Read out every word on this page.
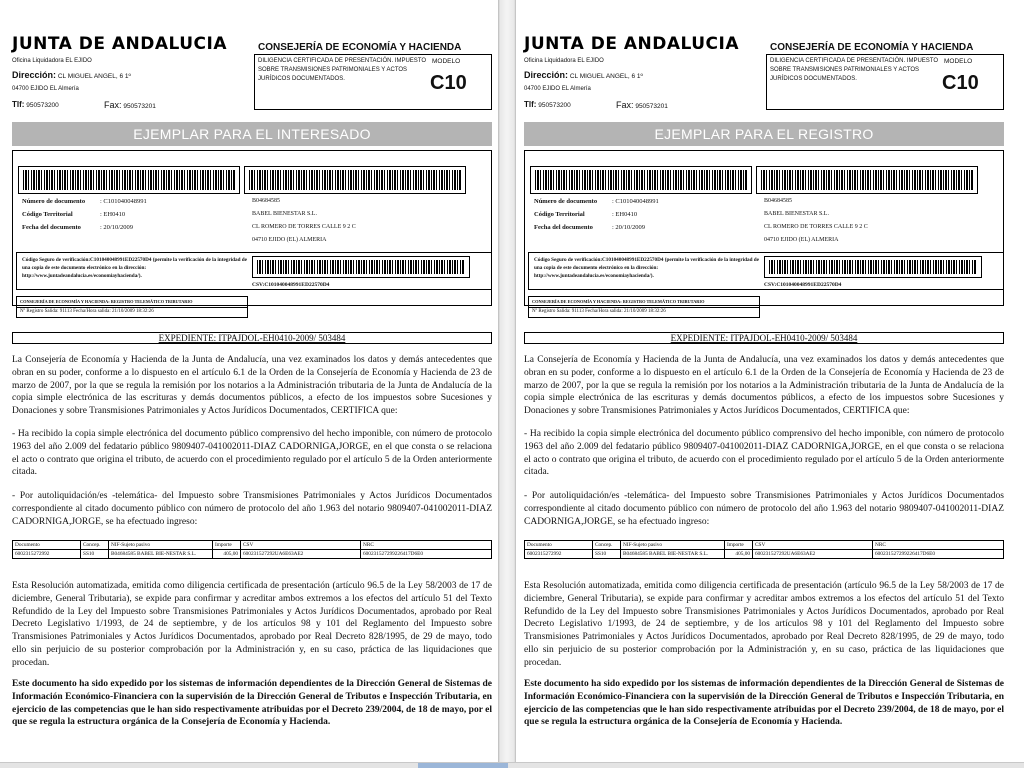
JUNTA DE ANDALUCIA
Oficina Liquidadora EL EJIDO
Dirección: CL MIGUEL ANGEL, 6 1º
04700 EJIDO EL Almería
Tlf: 950573200	Fax: 950573201
CONSEJERÍA DE ECONOMÍA Y HACIENDA
DILIGENCIA CERTIFICADA DE PRESENTACIÓN. IMPUESTO SOBRE TRANSMISIONES PATRIMONIALES Y ACTOS JURÍDICOS DOCUMENTADOS.
MODELO
C10
EJEMPLAR PARA EL INTERESADO
Número de documento : C101040048991
Código Territorial	: EH0410
Fecha del documento	: 20/10/2009
B04684585
BABEL BIENESTAR S.L.
CL ROMERO DE TORRES CALLE 9 2 C
04710 EJIDO (EL) ALMERIA
Código Seguro de verificación:C101040048991ED22570D4 (permite la verificación de la integridad de una copia de este documento electrónico en la dirección: http://www.juntadeandalucia.es/economiayhacienda/).
CSV:C101040048991ED22570D4
CONSEJERÍA DE ECONOMÍA Y HACIENDA: REGISTRO TELEMÁTICO TRIBUTARIO
Nº Registro Salida: 91113 Fecha/Hora salida: 21/10/2009 18:32:26
EXPEDIENTE: ITPAJDOL-EH0410-2009/ 503484
La Consejería de Economía y Hacienda de la Junta de Andalucía, una vez examinados los datos y demás antecedentes que obran en su poder, conforme a lo dispuesto en el artículo 6.1 de la Orden de la Consejería de Economía y Hacienda de 23 de marzo de 2007, por la que se regula la remisión por los notarios a la Administración tributaria de la Junta de Andalucía de la copia simple electrónica de las escrituras y demás documentos públicos, a efecto de los impuestos sobre Sucesiones y Donaciones y sobre Transmisiones Patrimoniales y Actos Jurídicos Documentados, CERTIFICA que:
- Ha recibido la copia simple electrónica del documento público comprensivo del hecho imponible, con número de protocolo 1963 del año 2.009 del fedatario público 9809407-041002011-DIAZ CADORNIGA,JORGE, en el que consta o se relaciona el acto o contrato que origina el tributo, de acuerdo con el procedimiento regulado por el artículo 5 de la Orden anteriormente citada.
- Por autoliquidación/es -telemática- del Impuesto sobre Transmisiones Patrimoniales y Actos Jurídicos Documentados correspondiente al citado documento público con número de protocolo del año 1.963 del notario 9809407-041002011-DIAZ CADORNIGA,JORGE, se ha efectuado ingreso:
Documento	Concep.	NIF-Sujeto pasivo	Importe	CSV	NRC
6002315272992	SS10	B04684585 BABEL BIE-NESTAR S.L.	405,00	600231527292UA6E63AE2	600231527299226417D6E0
Esta Resolución automatizada, emitida como diligencia certificada de presentación (artículo 96.5 de la Ley 58/2003 de 17 de diciembre, General Tributaria), se expide para confirmar y acreditar ambos extremos a los efectos del artículo 51 del Texto Refundido de la Ley del Impuesto sobre Transmisiones Patrimoniales y Actos Jurídicos Documentados, aprobado por Real Decreto Legislativo 1/1993, de 24 de septiembre, y de los artículos 98 y 101 del Reglamento del Impuesto sobre Transmisiones Patrimoniales y Actos Jurídicos Documentados, aprobado por Real Decreto 828/1995, de 29 de mayo, todo ello sin perjuicio de su posterior comprobación por la Administración y, en su caso, práctica de las liquidaciones que procedan.
Este documento ha sido expedido por los sistemas de información dependientes de la Dirección General de Sistemas de Información Económico-Financiera con la supervisión de la Dirección General de Tributos e Inspección Tributaria, en ejercicio de las competencias que le han sido respectivamente atribuidas por el Decreto 239/2004, de 18 de mayo, por el que se regula la estructura orgánica de la Consejería de Economía y Hacienda.
JUNTA DE ANDALUCIA
Oficina Liquidadora EL EJIDO
Dirección: CL MIGUEL ANGEL, 6 1º
04700 EJIDO EL Almería
Tlf: 950573200	Fax: 950573201
CONSEJERÍA DE ECONOMÍA Y HACIENDA
DILIGENCIA CERTIFICADA DE PRESENTACIÓN. IMPUESTO SOBRE TRANSMISIONES PATRIMONIALES Y ACTOS JURÍDICOS DOCUMENTADOS.
MODELO
C10
EJEMPLAR PARA EL REGISTRO
Número de documento : C101040048991
Código Territorial	: EH0410
Fecha del documento	: 20/10/2009
B04684585
BABEL BIENESTAR S.L.
CL ROMERO DE TORRES CALLE 9 2 C
04710 EJIDO (EL) ALMERIA
Código Seguro de verificación:C101040048991ED22570D4 (permite la verificación de la integridad de una copia de este documento electrónico en la dirección: http://www.juntadeandalucia.es/economiayhacienda/).
CSV:C101040048991ED22570D4
CONSEJERÍA DE ECONOMÍA Y HACIENDA: REGISTRO TELEMÁTICO TRIBUTARIO
Nº Registro Salida: 91113 Fecha/Hora salida: 21/10/2009 18:32:26
EXPEDIENTE: ITPAJDOL-EH0410-2009/ 503484
La Consejería de Economía y Hacienda de la Junta de Andalucía, una vez examinados los datos y demás antecedentes que obran en su poder, conforme a lo dispuesto en el artículo 6.1 de la Orden de la Consejería de Economía y Hacienda de 23 de marzo de 2007, por la que se regula la remisión por los notarios a la Administración tributaria de la Junta de Andalucía de la copia simple electrónica de las escrituras y demás documentos públicos, a efecto de los impuestos sobre Sucesiones y Donaciones y sobre Transmisiones Patrimoniales y Actos Jurídicos Documentados, CERTIFICA que:
- Ha recibido la copia simple electrónica del documento público comprensivo del hecho imponible, con número de protocolo 1963 del año 2.009 del fedatario público 9809407-041002011-DIAZ CADORNIGA,JORGE, en el que consta o se relaciona el acto o contrato que origina el tributo, de acuerdo con el procedimiento regulado por el artículo 5 de la Orden anteriormente citada.
- Por autoliquidación/es -telemática- del Impuesto sobre Transmisiones Patrimoniales y Actos Jurídicos Documentados correspondiente al citado documento público con número de protocolo del año 1.963 del notario 9809407-041002011-DIAZ CADORNIGA,JORGE, se ha efectuado ingreso:
Documento	Concep.	NIF-Sujeto pasivo	Importe	CSV	NRC
6002315272992	SS10	B04684585 BABEL BIE-NESTAR S.L.	405,00	600231527292UA6E63AE2	600231527299226417D6E0
Esta Resolución automatizada, emitida como diligencia certificada de presentación (artículo 96.5 de la Ley 58/2003 de 17 de diciembre, General Tributaria), se expide para confirmar y acreditar ambos extremos a los efectos del artículo 51 del Texto Refundido de la Ley del Impuesto sobre Transmisiones Patrimoniales y Actos Jurídicos Documentados, aprobado por Real Decreto Legislativo 1/1993, de 24 de septiembre, y de los artículos 98 y 101 del Reglamento del Impuesto sobre Transmisiones Patrimoniales y Actos Jurídicos Documentados, aprobado por Real Decreto 828/1995, de 29 de mayo, todo ello sin perjuicio de su posterior comprobación por la Administración y, en su caso, práctica de las liquidaciones que procedan.
Este documento ha sido expedido por los sistemas de información dependientes de la Dirección General de Sistemas de Información Económico-Financiera con la supervisión de la Dirección General de Tributos e Inspección Tributaria, en ejercicio de las competencias que le han sido respectivamente atribuidas por el Decreto 239/2004, de 18 de mayo, por el que se regula la estructura orgánica de la Consejería de Economía y Hacienda.
